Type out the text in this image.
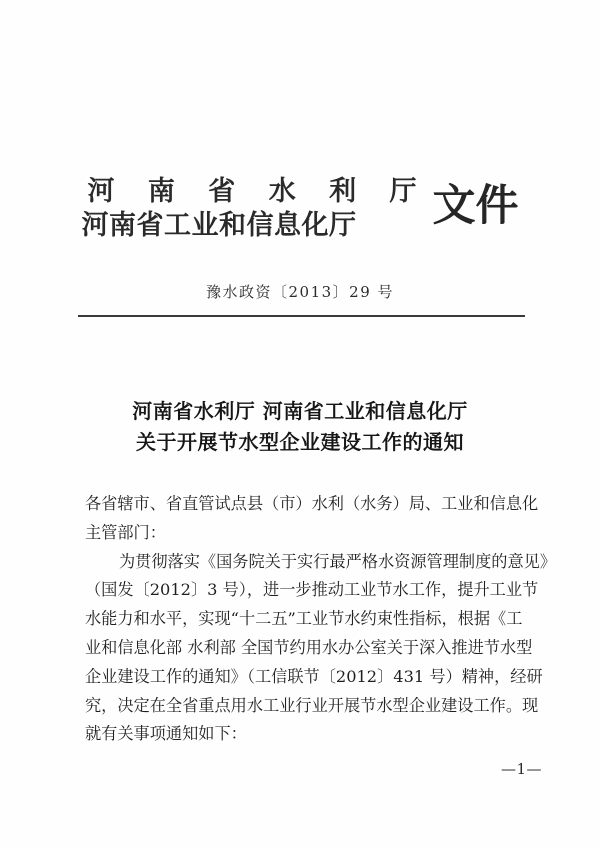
河 南 省 水 利 厅
河南省工业和信息化厅	文件
豫水政资〔2013〕29 号
河南省水利厅 河南省工业和信息化厅
关于开展节水型企业建设工作的通知
各省辖市、省直管试点县（市）水利（水务）局、工业和信息化
主管部门：
为贯彻落实《国务院关于实行最严格水资源管理制度的意见》
（国发〔2012〕3 号），进一步推动工业节水工作，提升工业节
水能力和水平，实现“十二五”工业节水约束性指标，根据《工
业和信息化部 水利部 全国节约用水办公室关于深入推进节水型
企业建设工作的通知》（工信联节〔2012〕431 号）精神，经研
究，决定在全省重点用水工业行业开展节水型企业建设工作。现
就有关事项通知如下：
—1—
